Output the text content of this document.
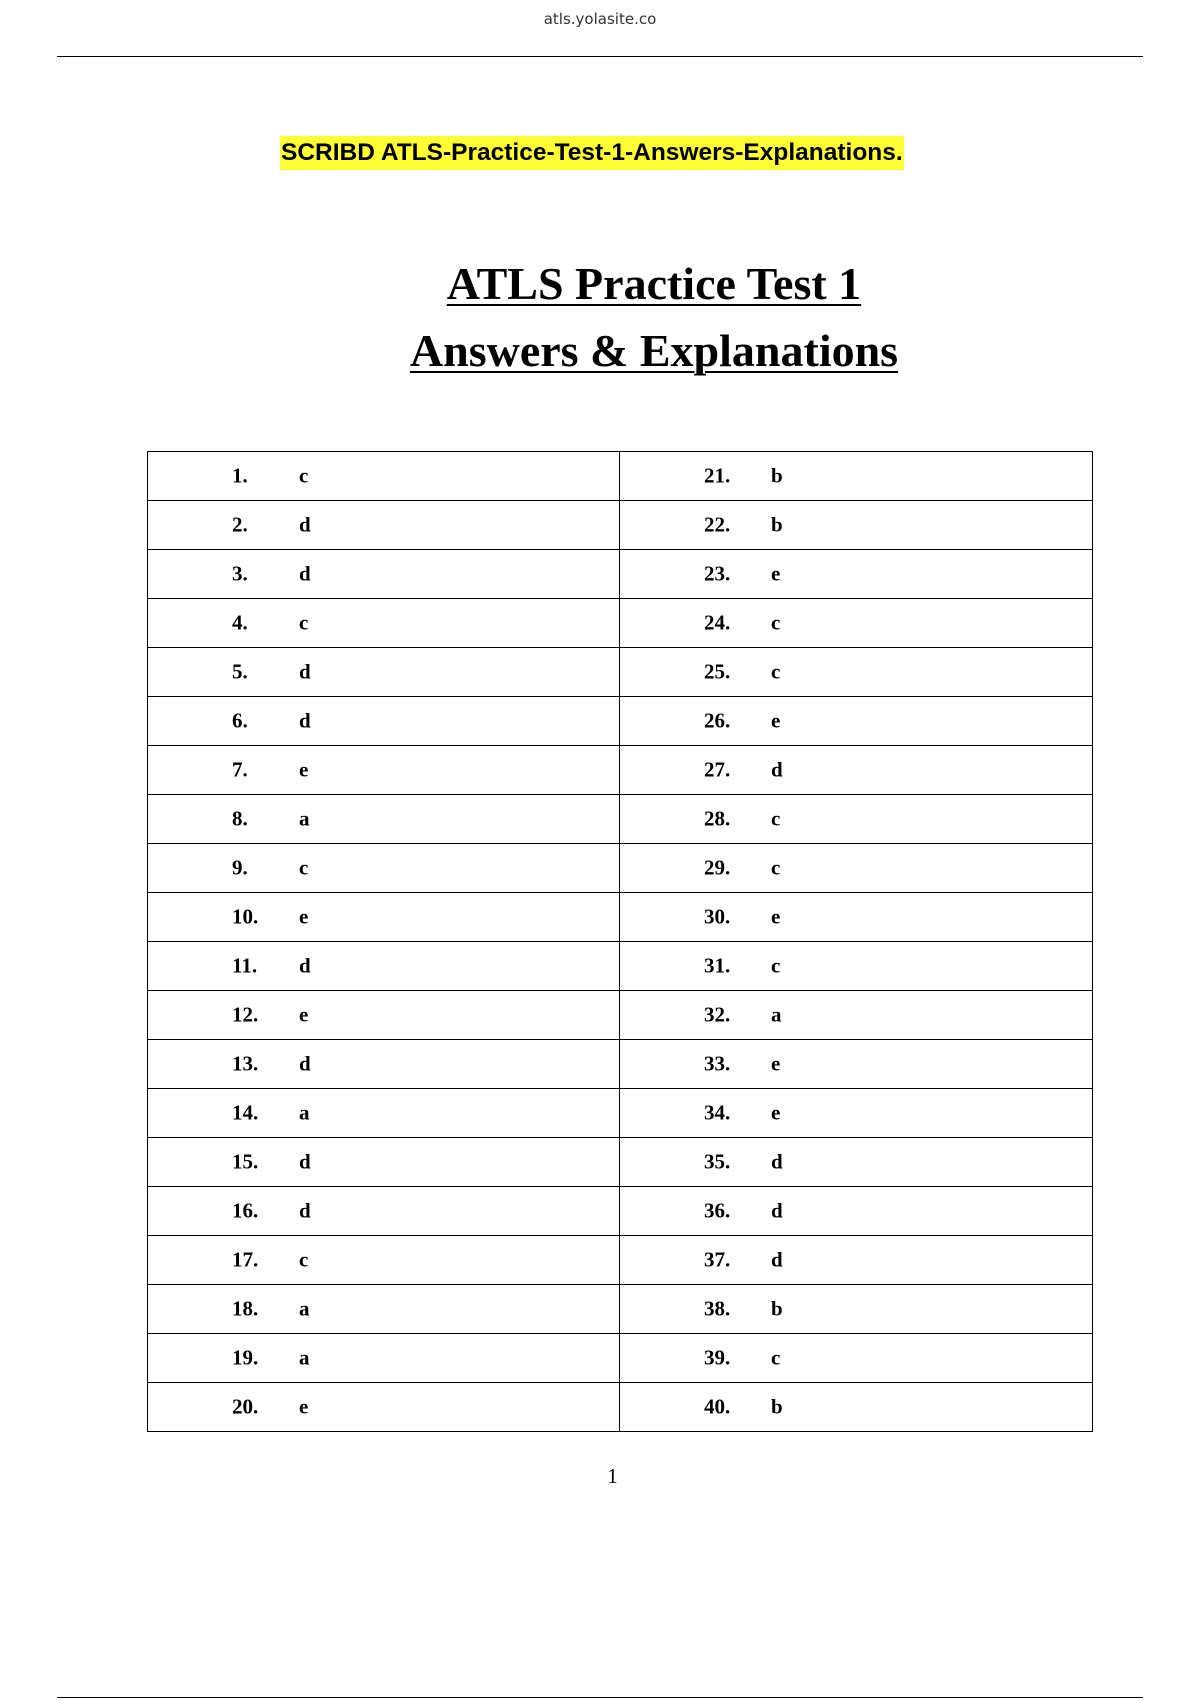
atls.yolasite.co
SCRIBD ATLS-Practice-Test-1-Answers-Explanations.
ATLS Practice Test 1
Answers & Explanations
1. c	21. b

2. d	22. b

3. d	23. e

4. c	24. c

5. d	25. c

6. d	26. e

7. e	27. d

8. a	28. c

9. c	29. c

10. e	30. e

11. d	31. c

12. e	32. a

13. d	33. e

14. a	34. e

15. d	35. d

16. d	36. d

17. c	37. d

18. a	38. b

19. a	39. c

20. e	40. b
1
